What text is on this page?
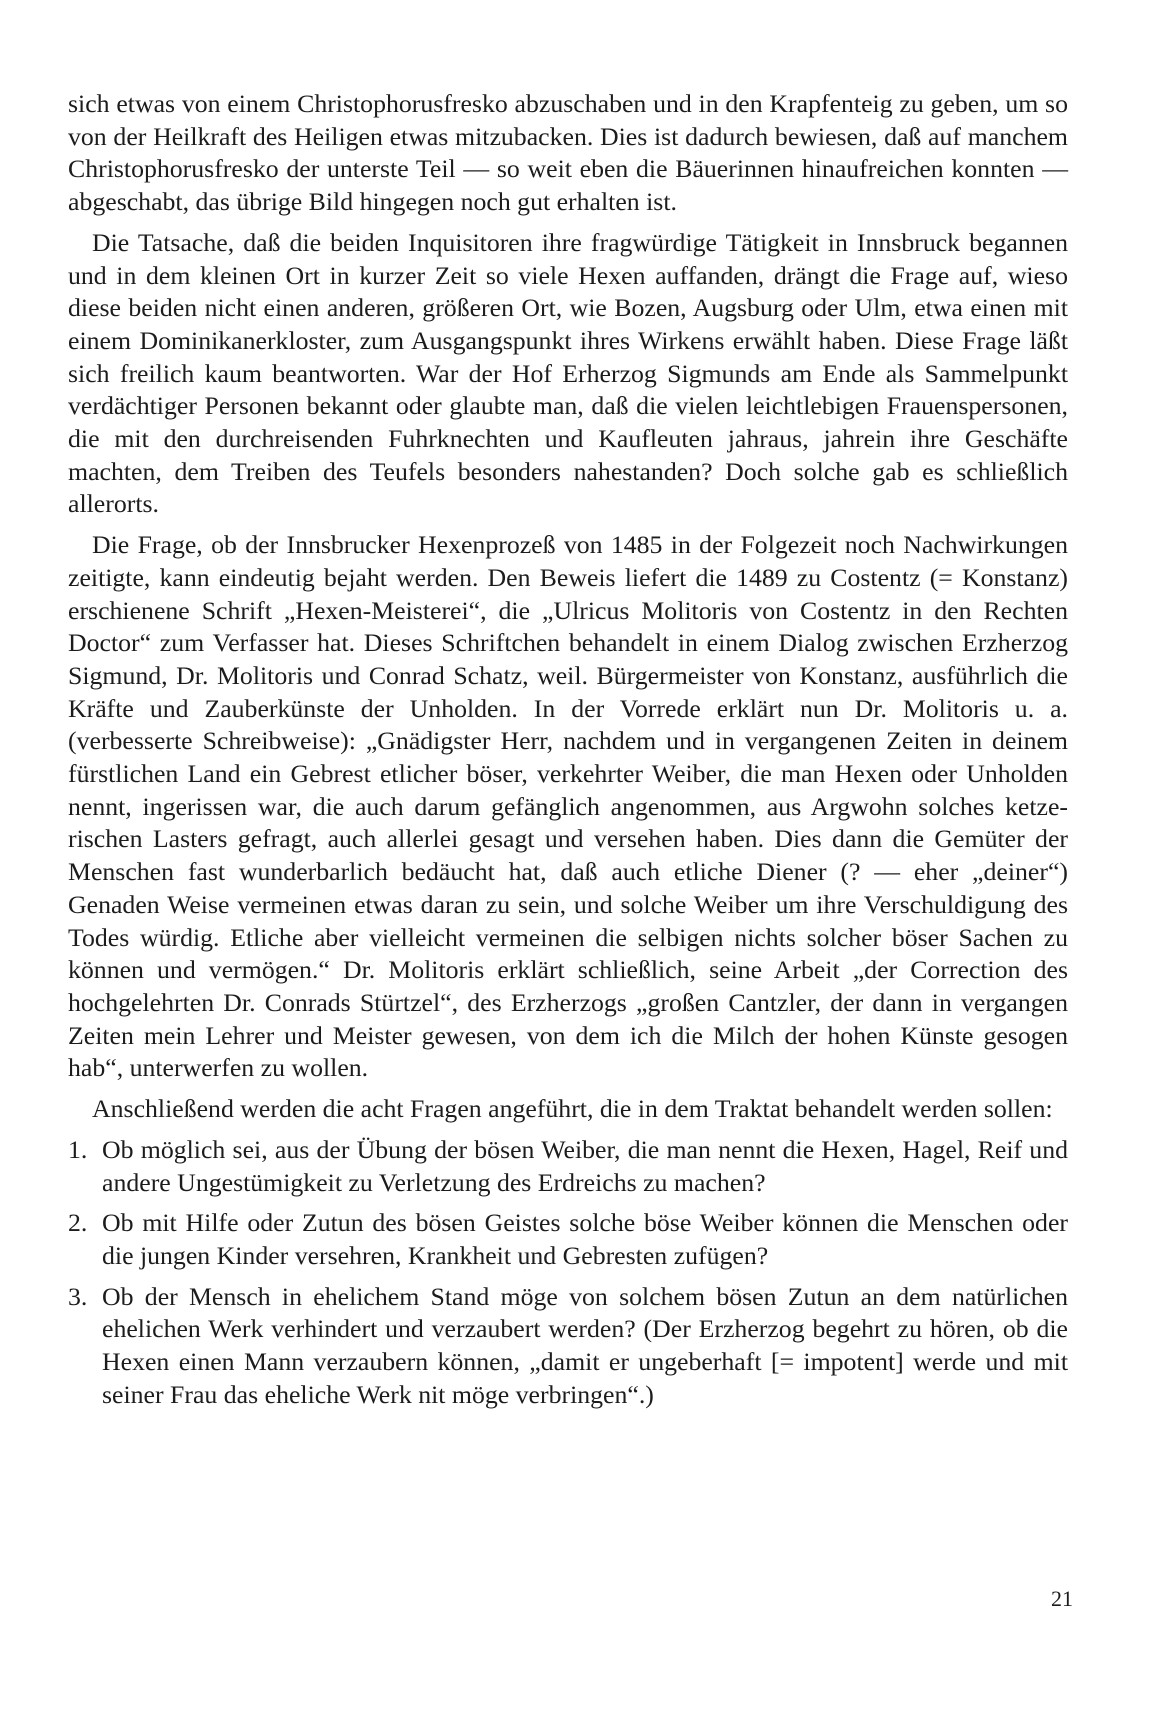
sich etwas von einem Christophorusfresko abzuschaben und in den Krapfenteig zu geben, um so von der Heilkraft des Heiligen etwas mitzubacken. Dies ist dadurch bewiesen, daß auf manchem Christophorusfresko der unterste Teil — so weit eben die Bäuerinnen hinaufreichen konnten — abgeschabt, das übrige Bild hingegen noch gut erhalten ist.

Die Tatsache, daß die beiden Inquisitoren ihre fragwürdige Tätigkeit in Innsbruck begannen und in dem kleinen Ort in kurzer Zeit so viele Hexen auffanden, drängt die Frage auf, wieso diese beiden nicht einen anderen, größeren Ort, wie Bozen, Augsburg oder Ulm, etwa einen mit einem Dominikanerkloster, zum Ausgangspunkt ihres Wirkens erwählt haben. Diese Frage läßt sich freilich kaum beantworten. War der Hof Erherzog Sigmunds am Ende als Sammelpunkt verdächtiger Personen bekannt oder glaubte man, daß die vielen leichtlebigen Frauenspersonen, die mit den durchreisenden Fuhrknechten und Kaufleuten jahraus, jahrein ihre Geschäfte machten, dem Treiben des Teufels besonders nahestanden? Doch solche gab es schließlich allerorts.

Die Frage, ob der Innsbrucker Hexenprozeß von 1485 in der Folgezeit noch Nachwirkungen zeitigte, kann eindeutig bejaht werden. Den Beweis liefert die 1489 zu Costentz (= Konstanz) erschienene Schrift „Hexen-Meisterei“, die „Ulricus Molitoris von Costentz in den Rechten Doctor“ zum Verfasser hat. Dieses Schriftchen behandelt in einem Dialog zwischen Erzherzog Sigmund, Dr. Molitoris und Conrad Schatz, weil. Bürgermeister von Konstanz, ausführlich die Kräfte und Zauberkünste der Unholden. In der Vorrede erklärt nun Dr. Molitoris u. a. (verbesserte Schreibweise): „Gnädigster Herr, nachdem und in vergangenen Zeiten in deinem fürstlichen Land ein Gebrest etlicher böser, verkehrter Weiber, die man Hexen oder Unholden nennt, ingerissen war, die auch darum gefänglich angenommen, aus Argwohn solches ketzerischen Lasters gefragt, auch allerlei gesagt und versehen haben. Dies dann die Gemüter der Menschen fast wunderbarlich bedäucht hat, daß auch etliche Diener (? — eher „deiner“) Genaden Weise vermeinen etwas daran zu sein, und solche Weiber um ihre Verschuldigung des Todes würdig. Etliche aber vielleicht vermeinen die selbigen nichts solcher böser Sachen zu können und vermögen.“ Dr. Molitoris erklärt schließlich, seine Arbeit „der Correction des hochgelehrten Dr. Conrads Stürtzel“, des Erzherzogs „großen Cantzler, der dann in vergangen Zeiten mein Lehrer und Meister gewesen, von dem ich die Milch der hohen Künste gesogen hab“, unterwerfen zu wollen.

Anschließend werden die acht Fragen angeführt, die in dem Traktat behandelt werden sollen:

1. Ob möglich sei, aus der Übung der bösen Weiber, die man nennt die Hexen, Hagel, Reif und andere Ungestümigkeit zu Verletzung des Erdreichs zu machen?
2. Ob mit Hilfe oder Zutun des bösen Geistes solche böse Weiber können die Menschen oder die jungen Kinder versehren, Krankheit und Gebresten zufügen?
3. Ob der Mensch in ehelichem Stand möge von solchem bösen Zutun an dem natürlichen ehelichen Werk verhindert und verzaubert werden? (Der Erzherzog begehrt zu hören, ob die Hexen einen Mann verzaubern können, „damit er ungeberhaft [= impotent] werde und mit seiner Frau das eheliche Werk nit möge verbringen“.)
21
